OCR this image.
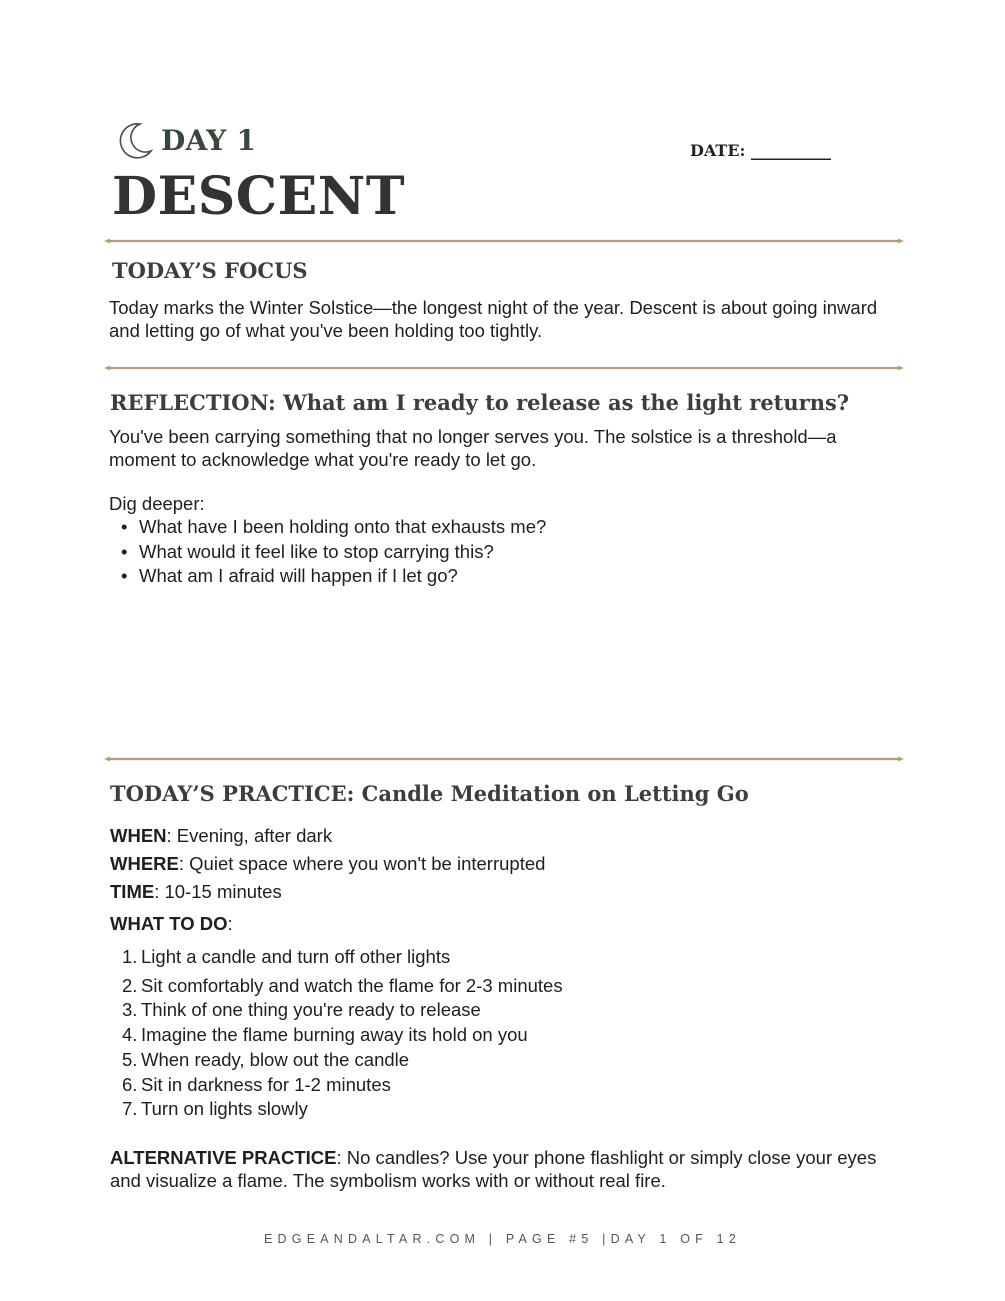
DAY 1
DESCENT
DATE: __________
TODAY’S FOCUS
Today marks the Winter Solstice—the longest night of the year. Descent is about going inward and letting go of what you've been holding too tightly.
REFLECTION: What am I ready to release as the light returns?
You've been carrying something that no longer serves you. The solstice is a threshold—a moment to acknowledge what you're ready to let go.
Dig deeper:
• What have I been holding onto that exhausts me?
• What would it feel like to stop carrying this?
• What am I afraid will happen if I let go?
TODAY’S PRACTICE: Candle Meditation on Letting Go
WHEN: Evening, after dark
WHERE: Quiet space where you won't be interrupted
TIME: 10-15 minutes
WHAT TO DO:
1. Light a candle and turn off other lights
2. Sit comfortably and watch the flame for 2-3 minutes
3. Think of one thing you're ready to release
4. Imagine the flame burning away its hold on you
5. When ready, blow out the candle
6. Sit in darkness for 1-2 minutes
7. Turn on lights slowly
ALTERNATIVE PRACTICE: No candles? Use your phone flashlight or simply close your eyes and visualize a flame. The symbolism works with or without real fire.
EDGEANDALTAR.COM | PAGE #5 |DAY 1 OF 12
